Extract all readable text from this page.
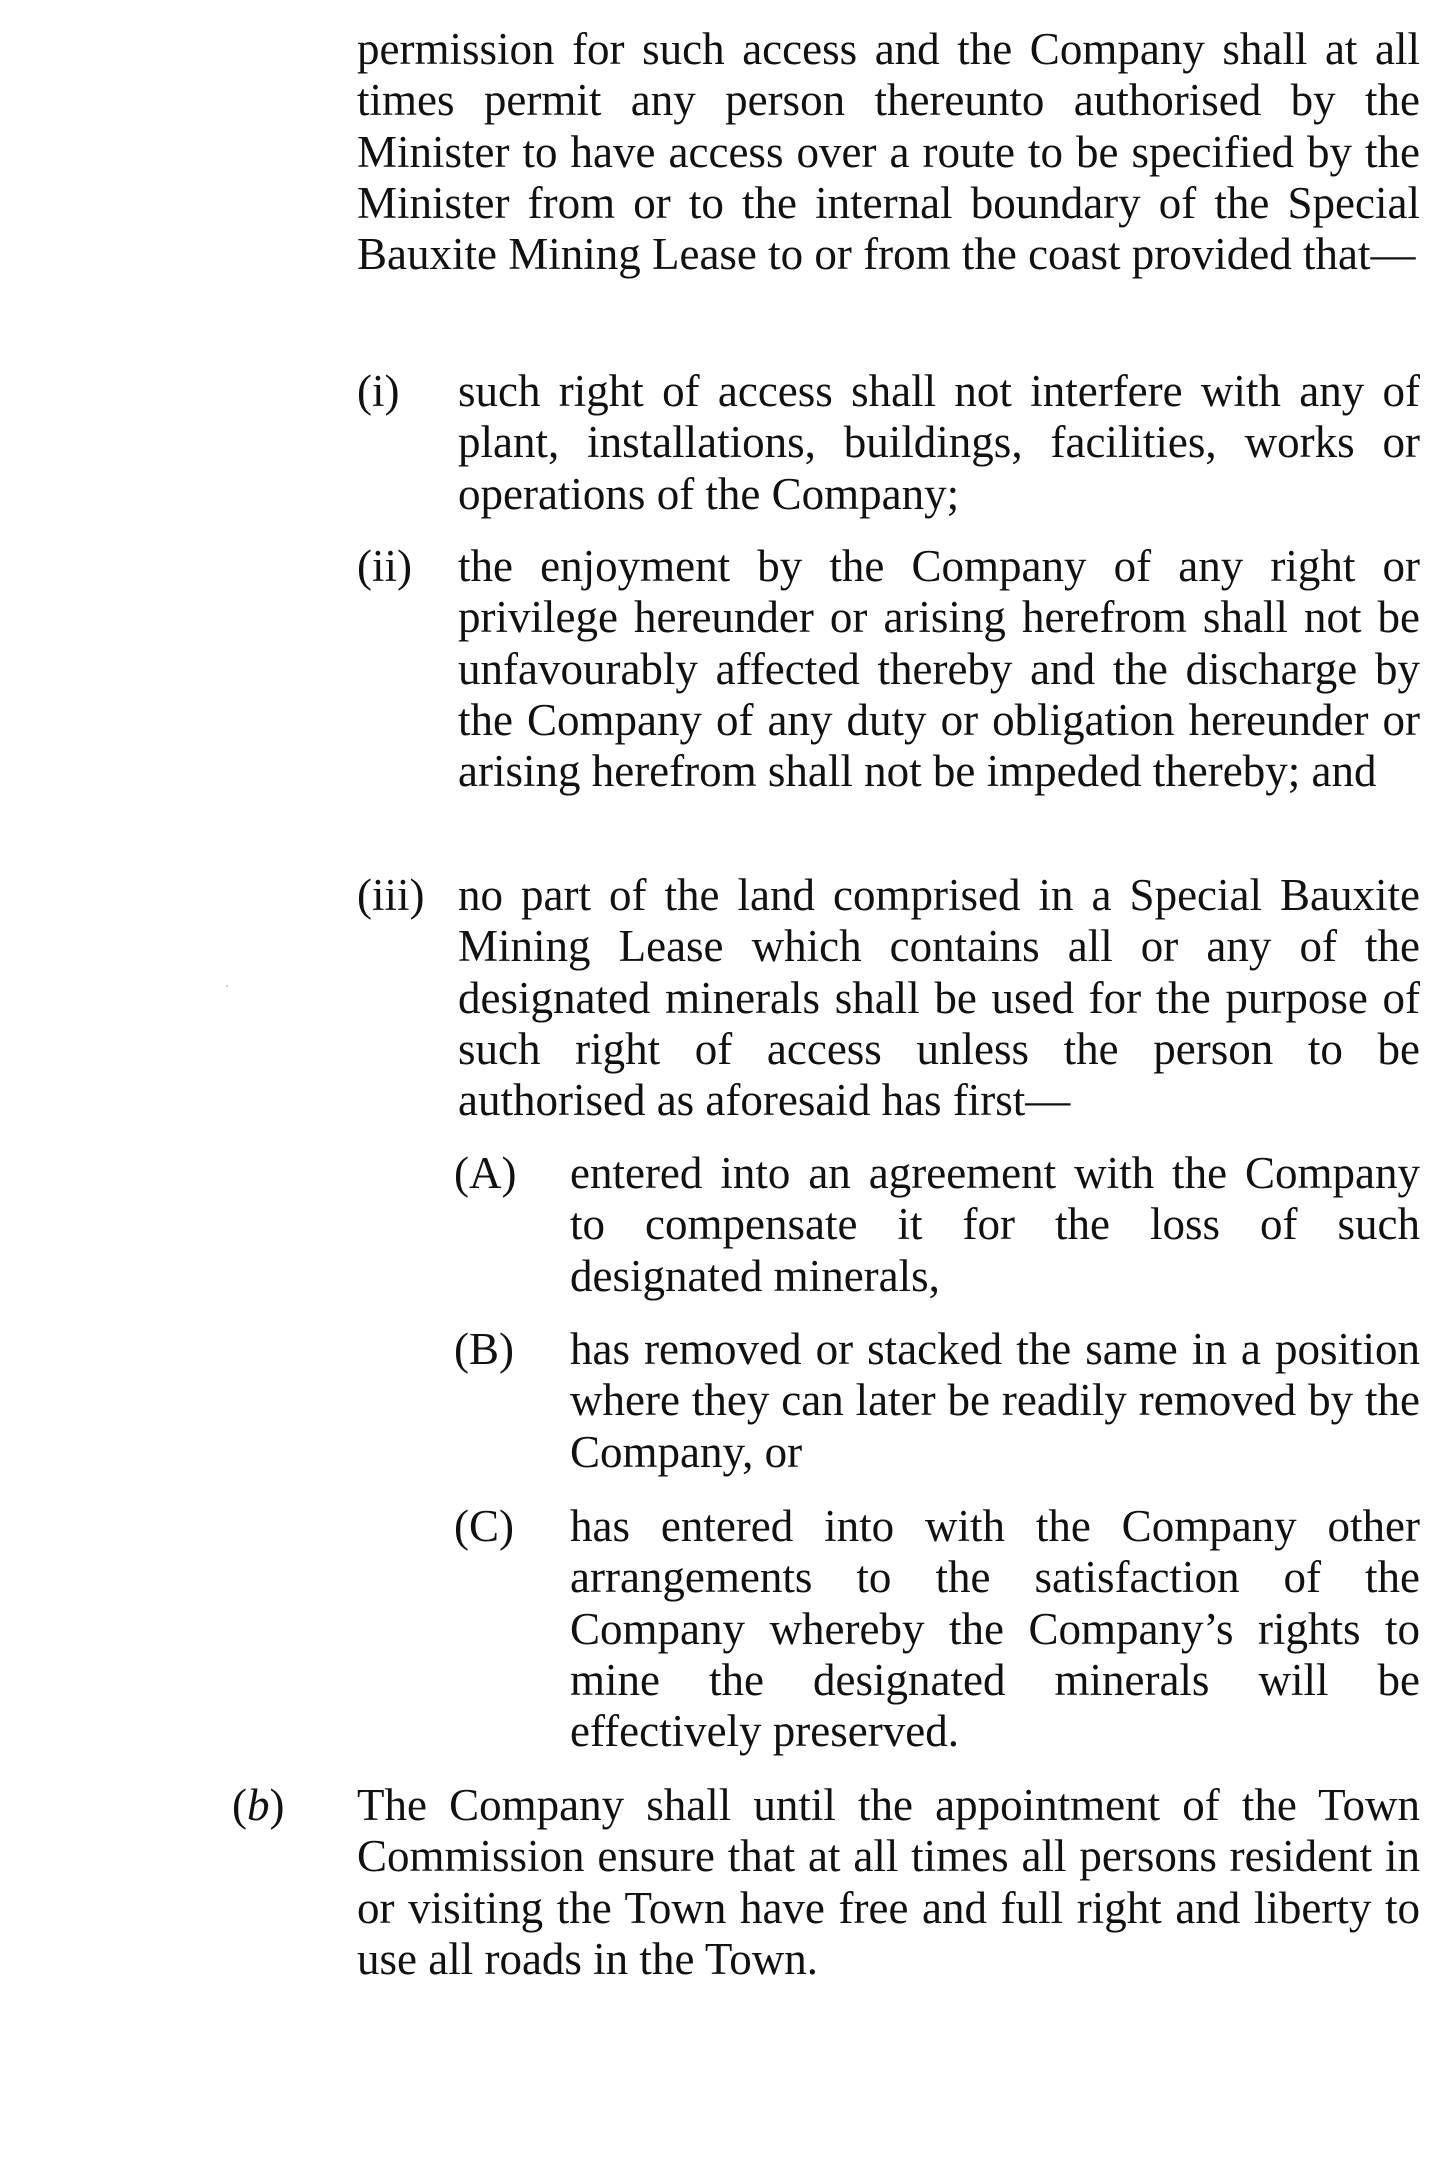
permission for such access and the Company shall at all times permit any person thereunto authorised by the Minister to have access over a route to be specified by the Minister from or to the internal boundary of the Special Bauxite Mining Lease to or from the coast provided that—

(i) such right of access shall not interfere with any of plant, installations, buildings, facilities, works or operations of the Company;
(ii) the enjoyment by the Company of any right or privilege hereunder or arising herefrom shall not be unfavourably affected thereby and the discharge by the Company of any duty or obligation hereunder or arising herefrom shall not be impeded thereby; and
(iii) no part of the land comprised in a Special Bauxite Mining Lease which contains all or any of the designated minerals shall be used for the purpose of such right of access unless the person to be authorised as aforesaid has first—
(A) entered into an agreement with the Company to compensate it for the loss of such designated minerals,
(B) has removed or stacked the same in a position where they can later be readily removed by the Company, or
(C) has entered into with the Company other arrangements to the satisfaction of the Company whereby the Company’s rights to mine the designated minerals will be effectively preserved.
(b) The Company shall until the appointment of the Town Commission ensure that at all times all persons resident in or visiting the Town have free and full right and liberty to use all roads in the Town.
